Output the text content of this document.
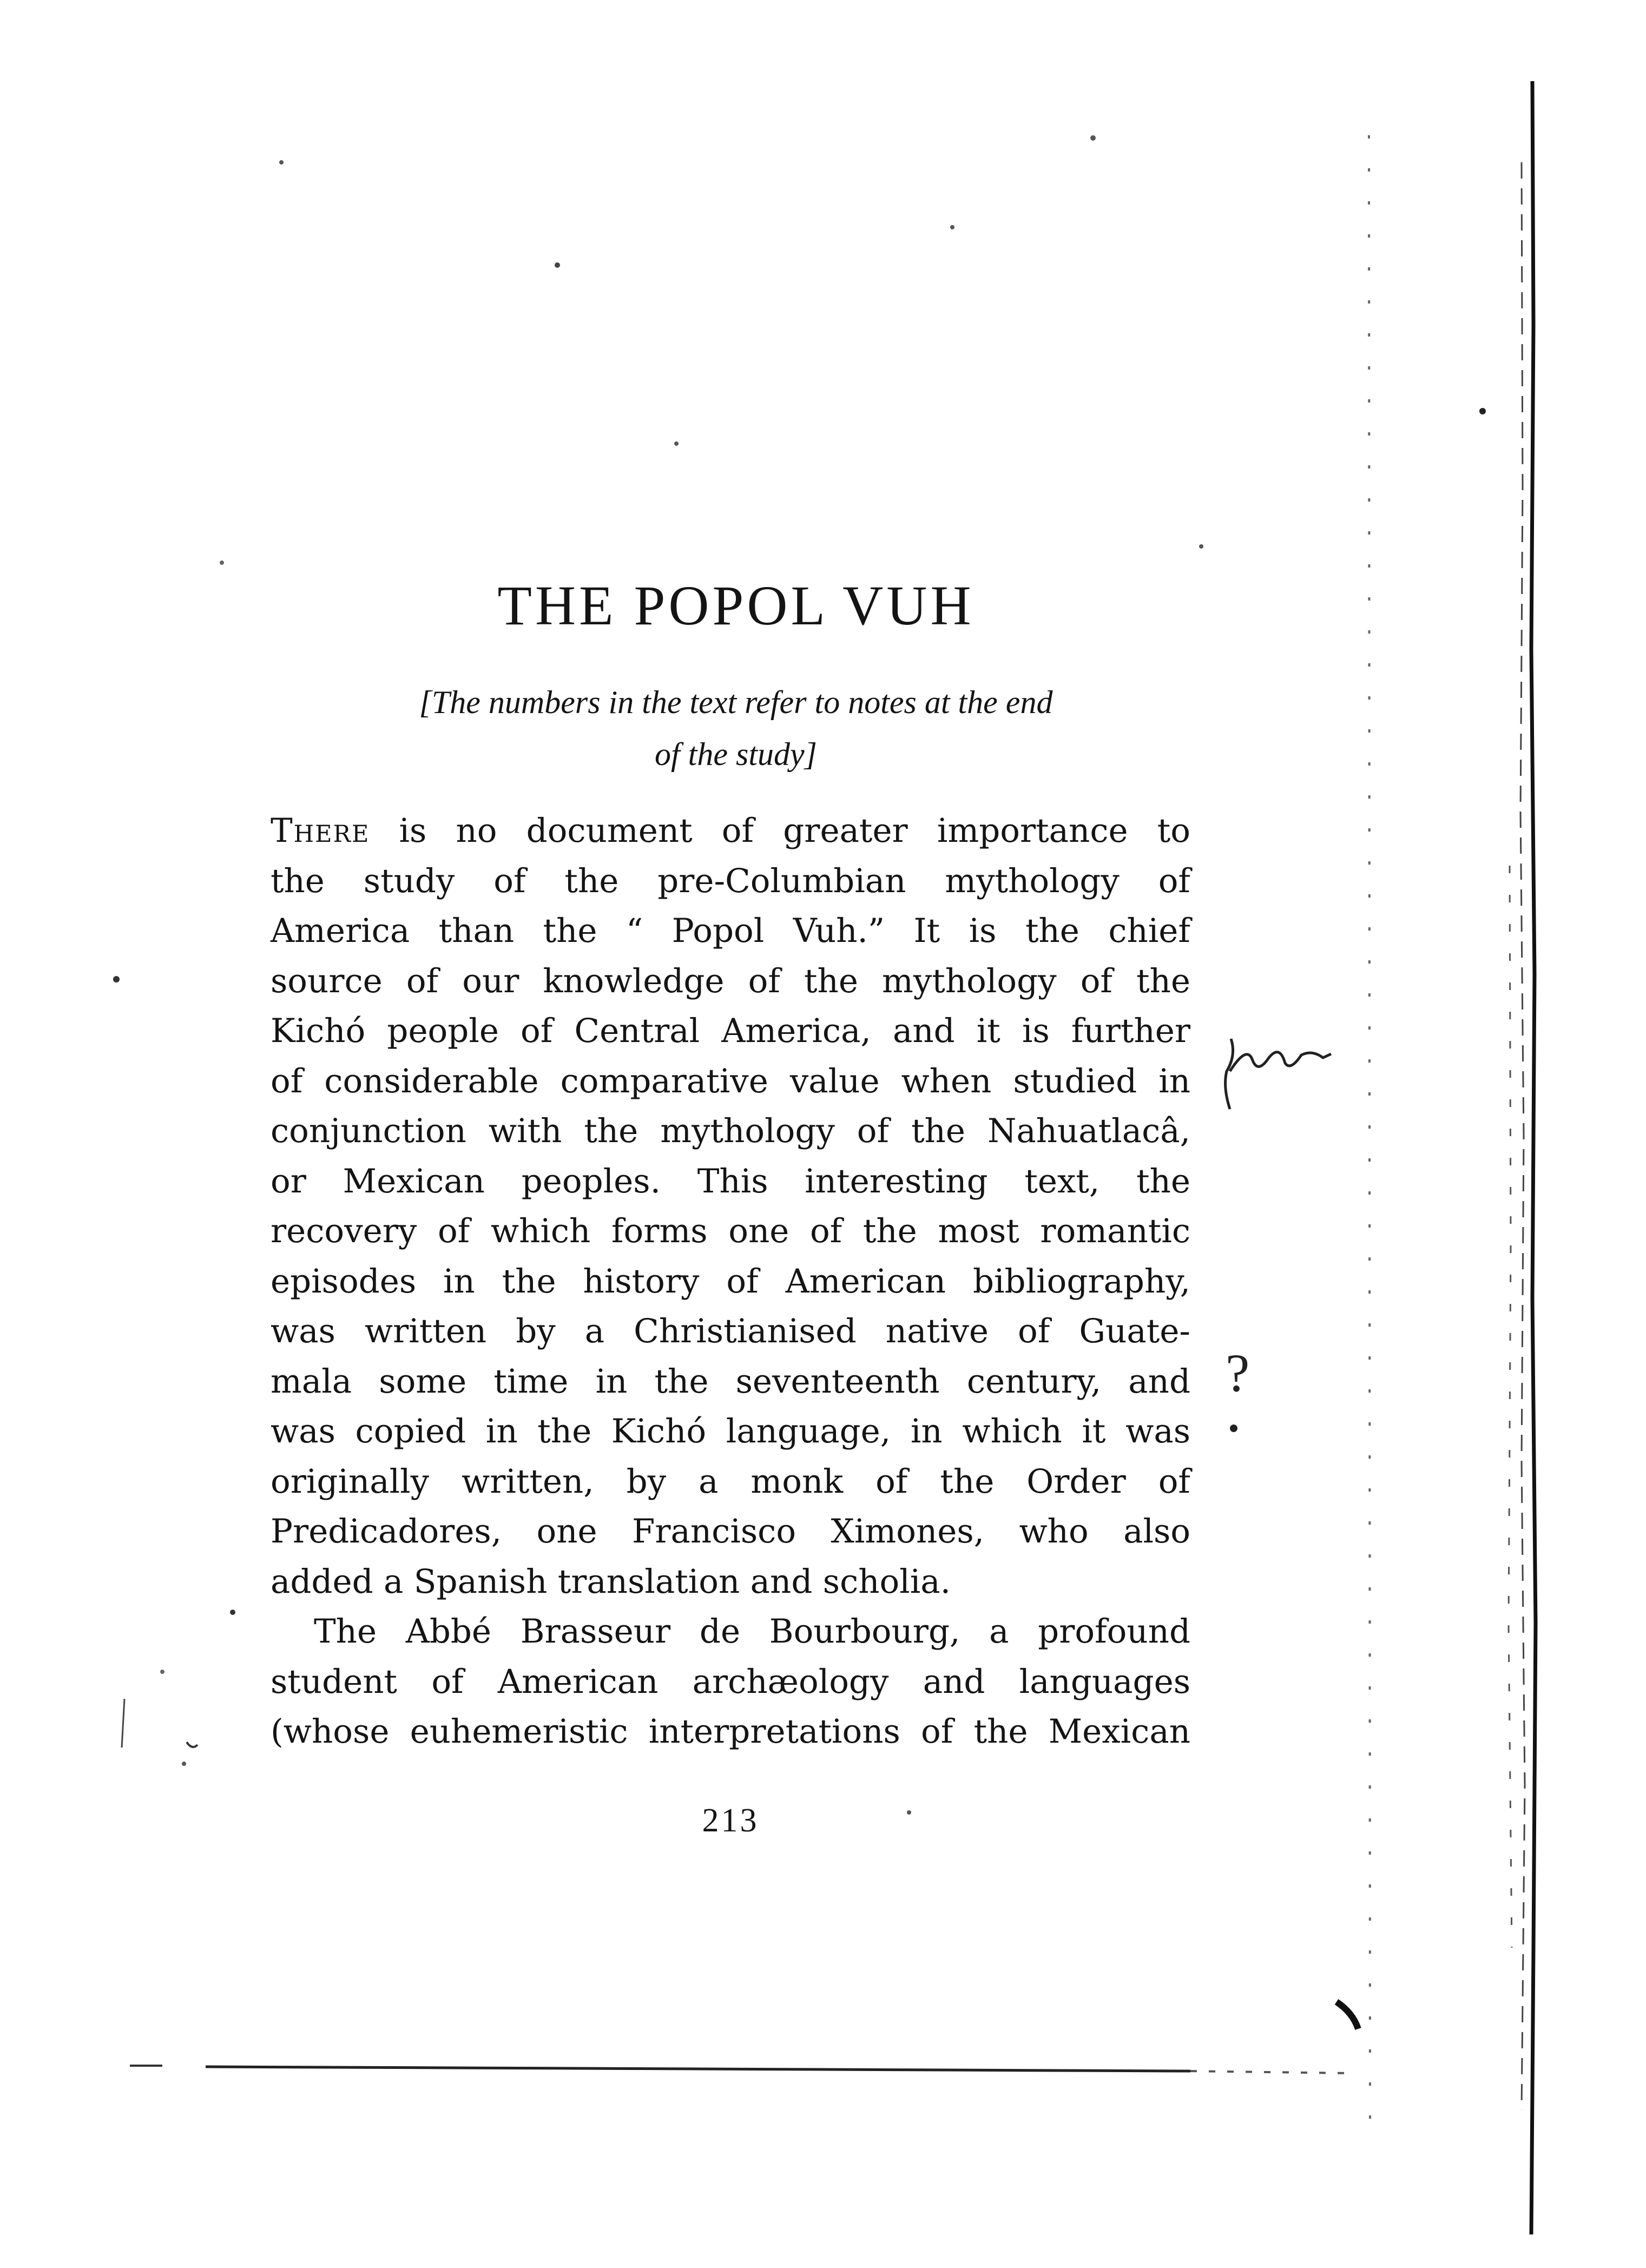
THE POPOL VUH
[The numbers in the text refer to notes at the end
of the study]

There is no document of greater importance to
the study of the pre-Columbian mythology of
America than the “ Popol Vuh.” It is the chief
source of our knowledge of the mythology of the
Kichó people of Central America, and it is further
of considerable comparative value when studied in
conjunction with the mythology of the Nahuatlacâ,
or Mexican peoples. This interesting text, the
recovery of which forms one of the most romantic
episodes in the history of American bibliography,
was written by a Christianised native of Guate-
mala some time in the seventeenth century, and
was copied in the Kichó language, in which it was
originally written, by a monk of the Order of
Predicadores, one Francisco Ximones, who also
added a Spanish translation and scholia.

The Abbé Brasseur de Bourbourg, a profound
student of American archæology and languages
(whose euhemeristic interpretations of the Mexican

213
?
